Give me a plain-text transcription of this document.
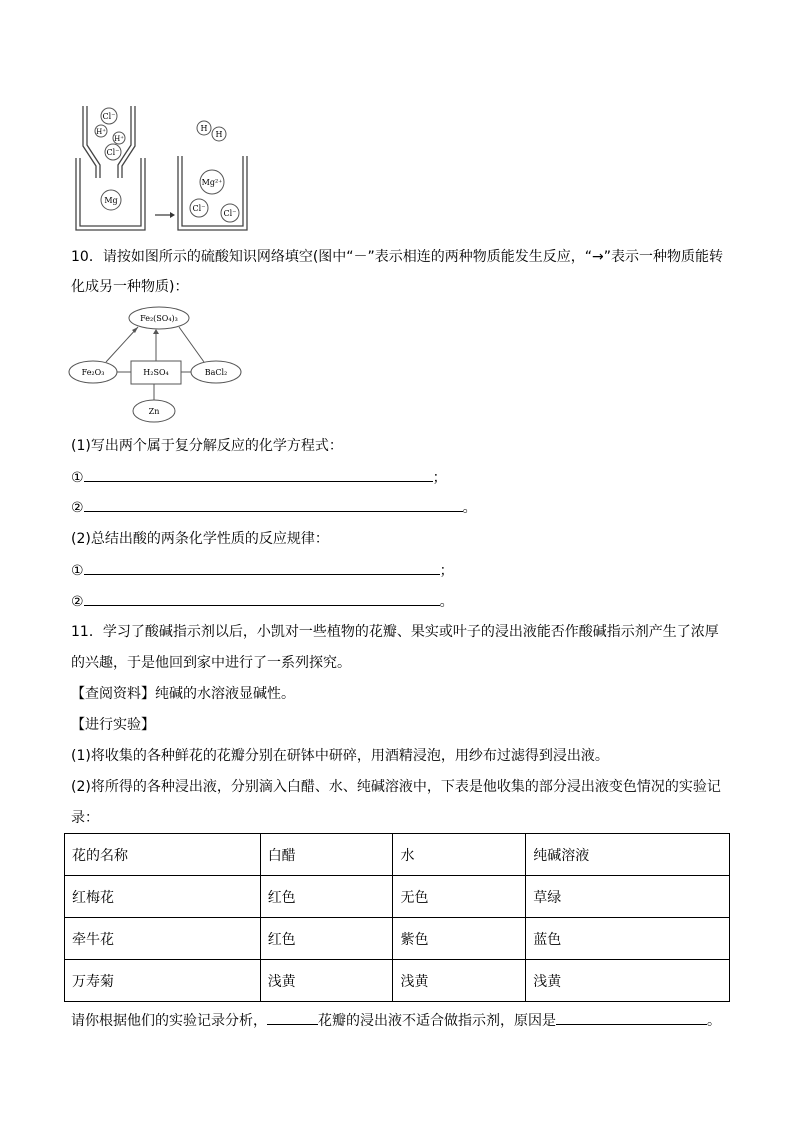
Cl⁻
H⁺
H⁺
Cl⁻
Mg
H
H
Mg²⁺
Cl⁻
Cl⁻
10．请按如图所示的硫酸知识网络填空(图中“－”表示相连的两种物质能发生反应，“→”表示一种物质能转
化成另一种物质)：
Fe₂(SO₄)₃
Fe₂O₃	H₂SO₄	BaCl₂
Zn
(1)写出两个属于复分解反应的化学方程式：
①	；
②	。
(2)总结出酸的两条化学性质的反应规律：
①	；
②	。
11．学习了酸碱指示剂以后，小凯对一些植物的花瓣、果实或叶子的浸出液能否作酸碱指示剂产生了浓厚
的兴趣，于是他回到家中进行了一系列探究。
【查阅资料】纯碱的水溶液显碱性。
【进行实验】
(1)将收集的各种鲜花的花瓣分别在研钵中研碎，用酒精浸泡，用纱布过滤得到浸出液。
(2)将所得的各种浸出液，分别滴入白醋、水、纯碱溶液中，下表是他收集的部分浸出液变色情况的实验记
录：
花的名称	白醋	水	纯碱溶液
红梅花	红色	无色	草绿
牵牛花	红色	紫色	蓝色
万寿菊	浅黄	浅黄	浅黄
请你根据他们的实验记录分析，	花瓣的浸出液不适合做指示剂，原因是	。
